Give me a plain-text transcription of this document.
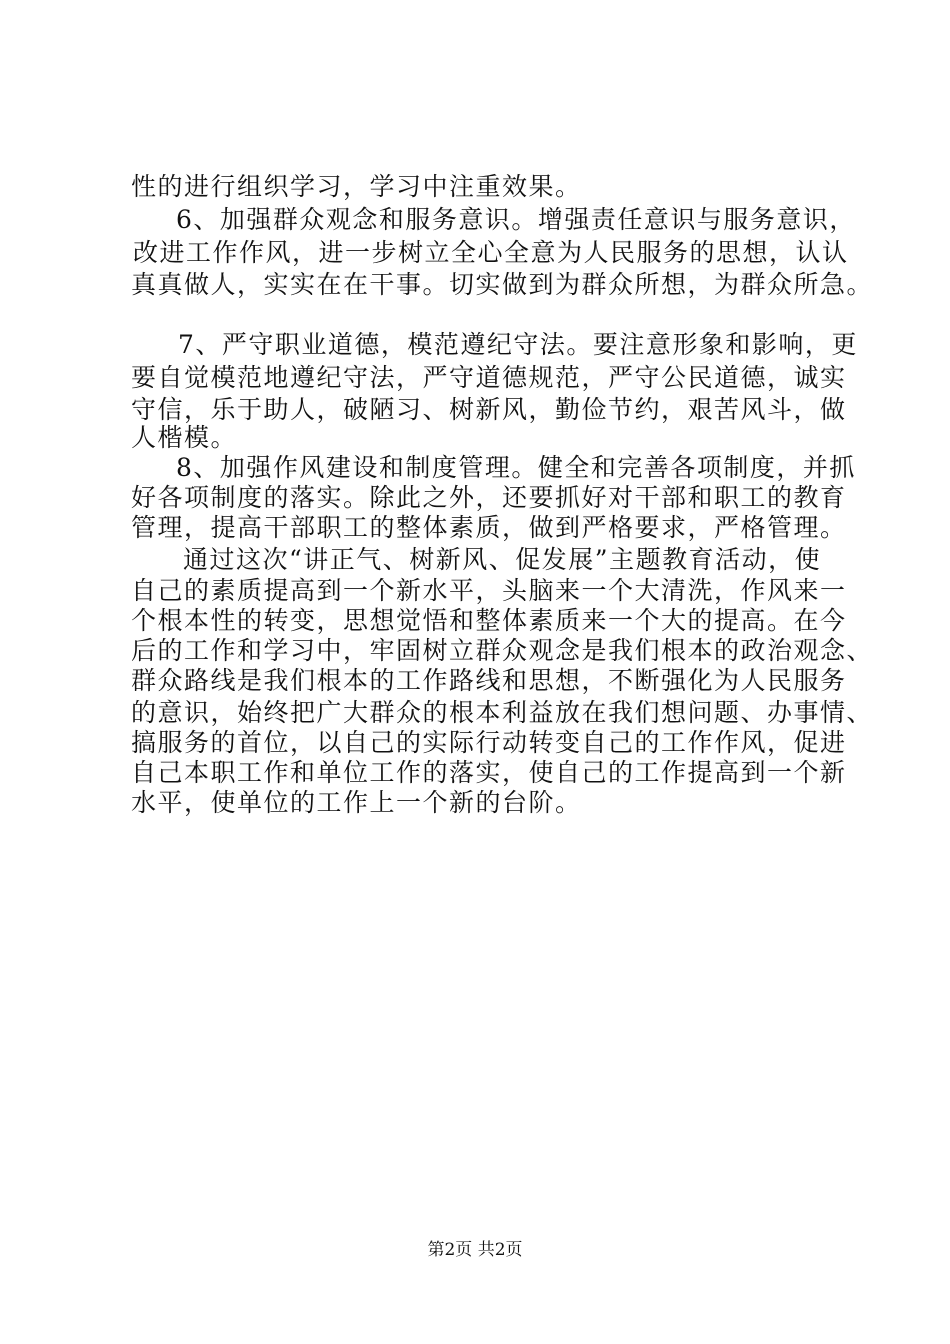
性的进行组织学习，学习中注重效果。
6、加强群众观念和服务意识。增强责任意识与服务意识，
改进工作作风，进一步树立全心全意为人民服务的思想，认认
真真做人，实实在在干事。切实做到为群众所想，为群众所急。
7、严守职业道德，模范遵纪守法。要注意形象和影响，更
要自觉模范地遵纪守法，严守道德规范，严守公民道德，诚实
守信，乐于助人，破陋习、树新风，勤俭节约，艰苦风斗，做
人楷模。
8、加强作风建设和制度管理。健全和完善各项制度，并抓
好各项制度的落实。除此之外，还要抓好对干部和职工的教育
管理，提高干部职工的整体素质，做到严格要求，严格管理。
通过这次“讲正气、树新风、促发展”主题教育活动，使
自己的素质提高到一个新水平，头脑来一个大清洗，作风来一
个根本性的转变，思想觉悟和整体素质来一个大的提高。在今
后的工作和学习中，牢固树立群众观念是我们根本的政治观念、
群众路线是我们根本的工作路线和思想，不断强化为人民服务
的意识，始终把广大群众的根本利益放在我们想问题、办事情、
搞服务的首位，以自己的实际行动转变自己的工作作风，促进
自己本职工作和单位工作的落实，使自己的工作提高到一个新
水平，使单位的工作上一个新的台阶。
第2页 共2页
